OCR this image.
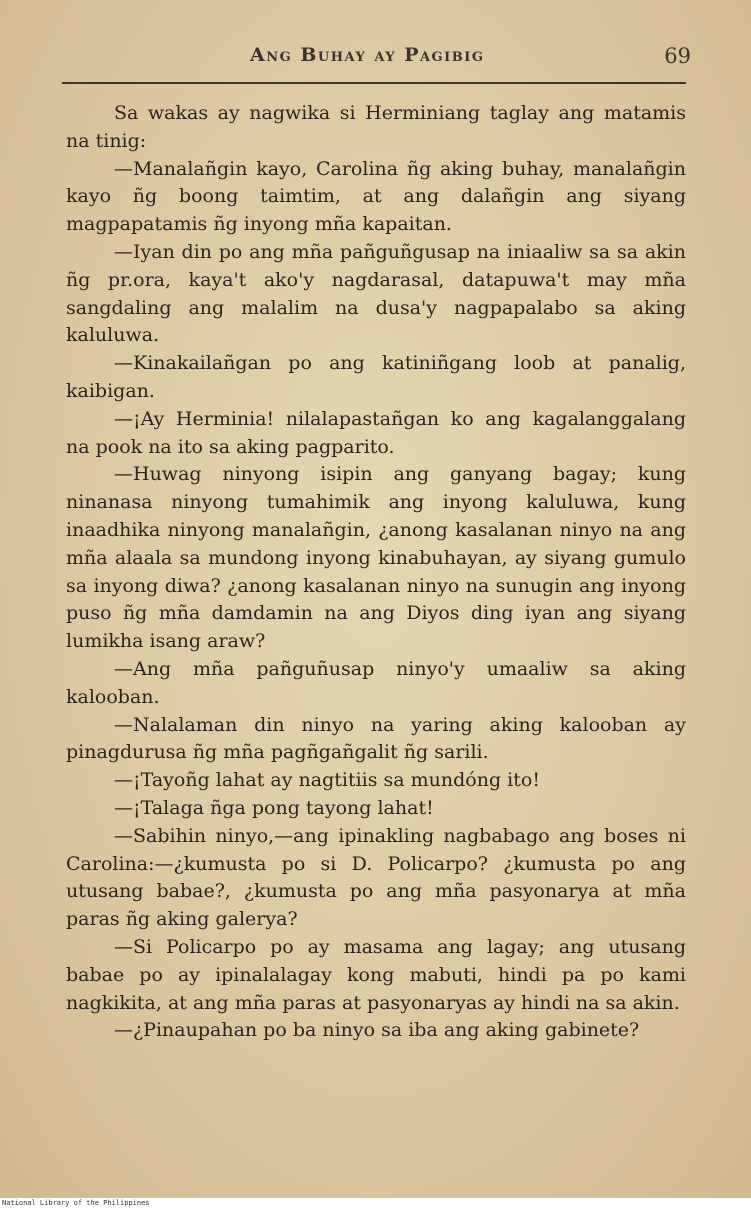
Ang Buhay ay Pagibig	69

Sa wakas ay nagwika si Herminiang taglay ang matamis na tinig:

—Manalañgin kayo, Carolina ñg aking buhay, manalañgin kayo ñg boong taimtim, at ang dalañgin ang siyang magpapatamis ñg inyong mña kapaitan.

—Iyan din po ang mña pañguñgusap na iniaaliw sa sa akin ñg pr.ora, kaya't ako'y nagdarasal, datapuwa't may mña sangdaling ang malalim na dusa'y nagpapalabo sa aking kaluluwa.

—Kinakailañgan po ang katiniñgang loob at panalig, kaibigan.

—¡Ay Herminia! nilalapastañgan ko ang kagalanggalang na pook na ito sa aking pagparito.

—Huwag ninyong isipin ang ganyang bagay; kung ninanasa ninyong tumahimik ang inyong kaluluwa, kung inaadhika ninyong manalañgin, ¿anong kasalanan ninyo na ang mña alaala sa mundong inyong kinabuhayan, ay siyang gumulo sa inyong diwa? ¿anong kasalanan ninyo na sunugin ang inyong puso ñg mña damdamin na ang Diyos ding iyan ang siyang lumikha isang araw?

—Ang mña pañguñusap ninyo'y umaaliw sa aking kalooban.

—Nalalaman din ninyo na yaring aking kalooban ay pinagdurusa ñg mña pagñgañgalit ñg sarili.

—¡Tayoñg lahat ay nagtitiis sa mundóng ito!

—¡Talaga ñga pong tayong lahat!

—Sabihin ninyo,—ang ipinakling nagbabago ang boses ni Carolina:—¿kumusta po si D. Policarpo? ¿kumusta po ang utusang babae?, ¿kumusta po ang mña pasyonarya at mña paras ñg aking galerya?

—Si Policarpo po ay masama ang lagay; ang utusang babae po ay ipinalalagay kong mabuti, hindi pa po kami nagkikita, at ang mña paras at pasyonaryas ay hindi na sa akin.

—¿Pinaupahan po ba ninyo sa iba ang aking gabinete?

National Library of the Philippines
